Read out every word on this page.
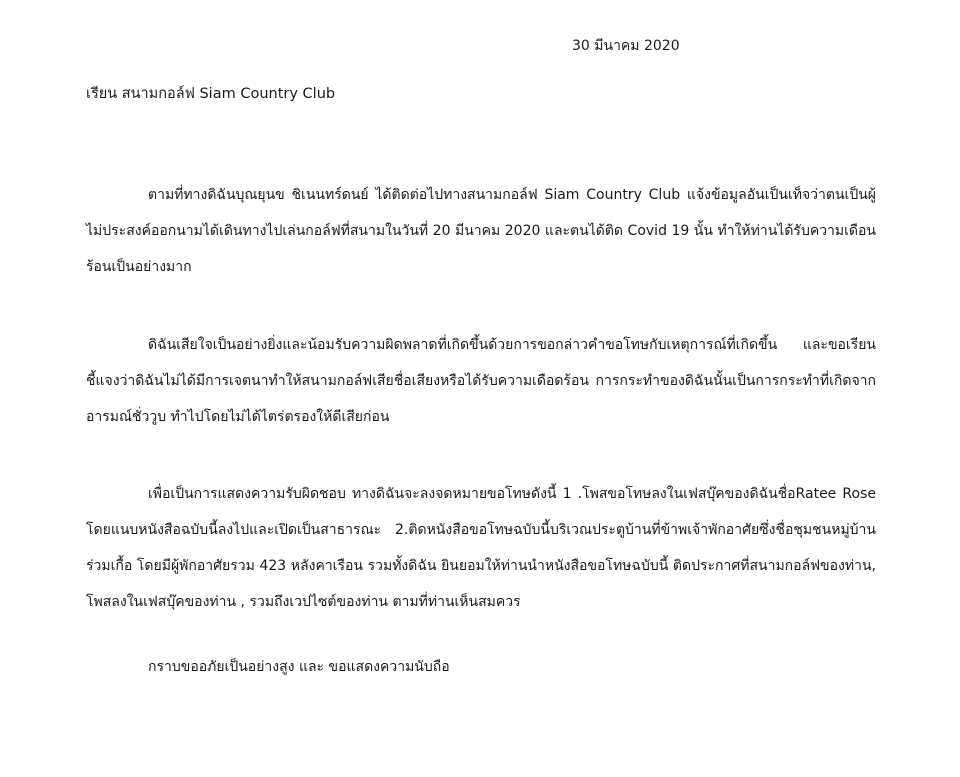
30 มีนาคม 2020
เรียน สนามกอล์ฟ Siam Country Club

ตามที่ทางดิฉันบุณยุนข ชิเนนทร์ดนย์ ได้ติดต่อไปทางสนามกอล์ฟ Siam Country Club แจ้งข้อมูลอันเป็นเท็จว่าตนเป็นผู้ไม่ประสงค์ออกนามได้เดินทางไปเล่นกอล์ฟที่สนามในวันที่ 20 มีนาคม 2020 และตนได้ติด Covid 19 นั้น ทำให้ท่านได้รับความเดือนร้อนเป็นอย่างมาก

ดิฉันเสียใจเป็นอย่างยิ่งและน้อมรับความผิดพลาดที่เกิดขึ้นด้วยการขอกล่าวคำขอโทษกับเหตุการณ์ที่เกิดขึ้น และขอเรียนชี้แจงว่าดิฉันไม่ได้มีการเจตนาทำให้สนามกอล์ฟเสียชื่อเสียงหรือได้รับความเดือดร้อน การกระทำของดิฉันนั้นเป็นการกระทำที่เกิดจากอารมณ์ชั่ววูบ ทำไปโดยไม่ได้ไตร่ตรองให้ดีเสียก่อน

เพื่อเป็นการแสดงความรับผิดชอบ ทางดิฉันจะลงจดหมายขอโทษดังนี้ 1 .โพสขอโทษลงในเฟสบุ๊คของดิฉันชื่อRatee Rose โดยแนบหนังสือฉบับนี้ลงไปและเปิดเป็นสาธารณะ 2.ติดหนังสือขอโทษฉบับนี้บริเวณประตูบ้านที่ข้าพเจ้าพักอาศัยซึ่งชื่อชุมชนหมู่บ้านร่วมเกื้อ โดยมีผู้พักอาศัยรวม 423 หลังคาเรือน รวมทั้งดิฉัน ยินยอมให้ท่านนำหนังสือขอโทษฉบับนี้ ติดประกาศที่สนามกอล์ฟของท่าน, โพสลงในเฟสบุ๊คของท่าน , รวมถึงเวปไซต์ของท่าน ตามที่ท่านเห็นสมควร

กราบขออภัยเป็นอย่างสูง และ ขอแสดงความนับถือ
